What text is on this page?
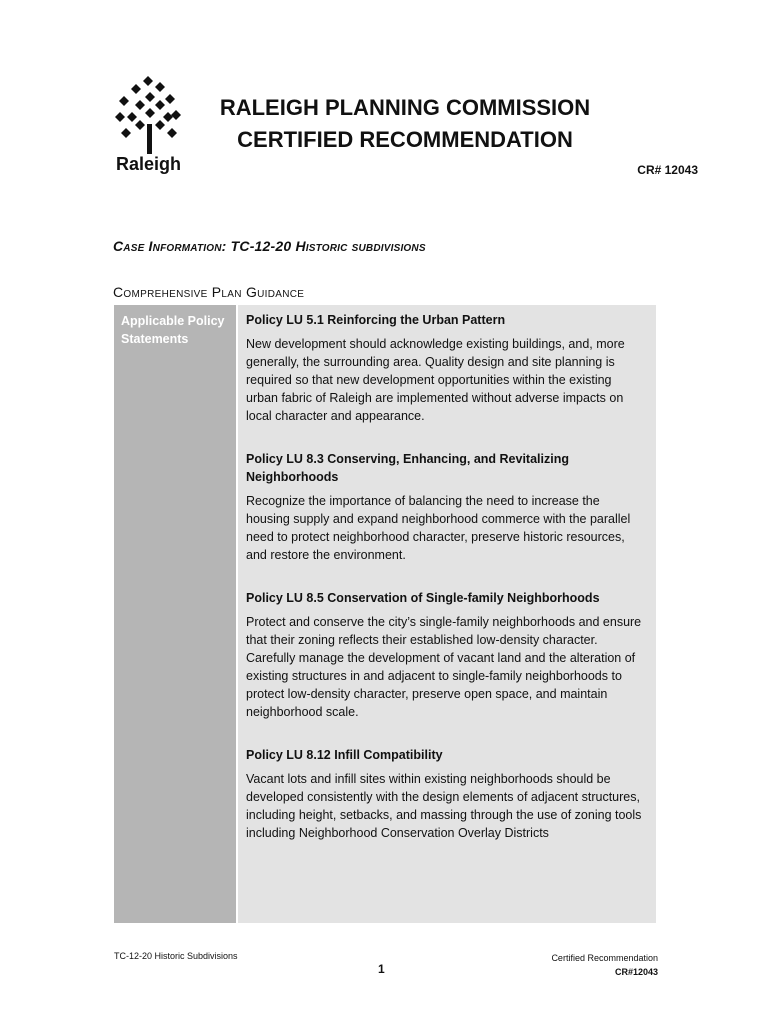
Raleigh
RALEIGH PLANNING COMMISSION
CERTIFIED RECOMMENDATION
CR# 12043
Case Information: TC-12-20 Historic subdivisions
Comprehensive Plan Guidance
Applicable Policy Statements
Policy LU 5.1 Reinforcing the Urban Pattern
New development should acknowledge existing buildings, and, more generally, the surrounding area. Quality design and site planning is required so that new development opportunities within the existing urban fabric of Raleigh are implemented without adverse impacts on local character and appearance.
Policy LU 8.3 Conserving, Enhancing, and Revitalizing Neighborhoods
Recognize the importance of balancing the need to increase the housing supply and expand neighborhood commerce with the parallel need to protect neighborhood character, preserve historic resources, and restore the environment.
Policy LU 8.5 Conservation of Single-family Neighborhoods
Protect and conserve the city’s single-family neighborhoods and ensure that their zoning reflects their established low-density character. Carefully manage the development of vacant land and the alteration of existing structures in and adjacent to single-family neighborhoods to protect low-density character, preserve open space, and maintain neighborhood scale.
Policy LU 8.12 Infill Compatibility
Vacant lots and infill sites within existing neighborhoods should be developed consistently with the design elements of adjacent structures, including height, setbacks, and massing through the use of zoning tools including Neighborhood Conservation Overlay Districts
TC-12-20 Historic Subdivisions
1
Certified Recommendation
CR#12043
